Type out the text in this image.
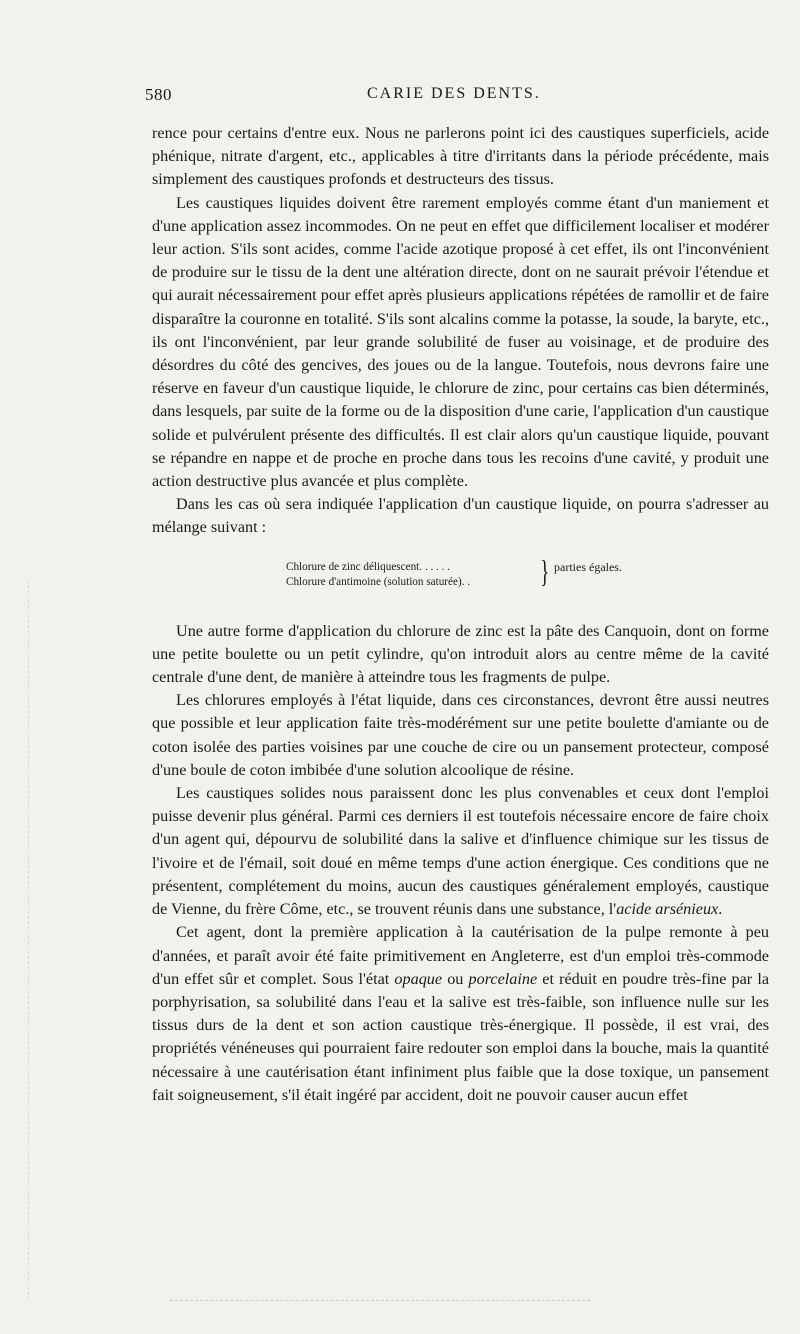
580	CARIE DES DENTS.

rence pour certains d'entre eux. Nous ne parlerons point ici des caustiques superficiels, acide phénique, nitrate d'argent, etc., applicables à titre d'irritants dans la période précédente, mais simplement des caustiques profonds et destructeurs des tissus.

Les caustiques liquides doivent être rarement employés comme étant d'un maniement et d'une application assez incommodes. On ne peut en effet que difficilement localiser et modérer leur action. S'ils sont acides, comme l'acide azotique proposé à cet effet, ils ont l'inconvénient de produire sur le tissu de la dent une altération directe, dont on ne saurait prévoir l'étendue et qui aurait nécessairement pour effet après plusieurs applications répétées de ramollir et de faire disparaître la couronne en totalité. S'ils sont alcalins comme la potasse, la soude, la baryte, etc., ils ont l'inconvénient, par leur grande solubilité de fuser au voisinage, et de produire des désordres du côté des gencives, des joues ou de la langue. Toutefois, nous devrons faire une réserve en faveur d'un caustique liquide, le chlorure de zinc, pour certains cas bien déterminés, dans lesquels, par suite de la forme ou de la disposition d'une carie, l'application d'un caustique solide et pulvérulent présente des difficultés. Il est clair alors qu'un caustique liquide, pouvant se répandre en nappe et de proche en proche dans tous les recoins d'une cavité, y produit une action destructive plus avancée et plus complète.

Dans les cas où sera indiquée l'application d'un caustique liquide, on pourra s'adresser au mélange suivant :

Chlorure de zinc déliquescent. . . . . .
Chlorure d'antimoine (solution saturée). . } parties égales.

Une autre forme d'application du chlorure de zinc est la pâte des Canquoin, dont on forme une petite boulette ou un petit cylindre, qu'on introduit alors au centre même de la cavité centrale d'une dent, de manière à atteindre tous les fragments de pulpe.

Les chlorures employés à l'état liquide, dans ces circonstances, devront être aussi neutres que possible et leur application faite très-modérément sur une petite boulette d'amiante ou de coton isolée des parties voisines par une couche de cire ou un pansement protecteur, composé d'une boule de coton imbibée d'une solution alcoolique de résine.

Les caustiques solides nous paraissent donc les plus convenables et ceux dont l'emploi puisse devenir plus général. Parmi ces derniers il est toutefois nécessaire encore de faire choix d'un agent qui, dépourvu de solubilité dans la salive et d'influence chimique sur les tissus de l'ivoire et de l'émail, soit doué en même temps d'une action énergique. Ces conditions que ne présentent, complétement du moins, aucun des caustiques généralement employés, caustique de Vienne, du frère Côme, etc., se trouvent réunis dans une substance, l'acide arsénieux.

Cet agent, dont la première application à la cautérisation de la pulpe remonte à peu d'années, et paraît avoir été faite primitivement en Angleterre, est d'un emploi très-commode d'un effet sûr et complet. Sous l'état opaque ou porcelaine et réduit en poudre très-fine par la porphyrisation, sa solubilité dans l'eau et la salive est très-faible, son influence nulle sur les tissus durs de la dent et son action caustique très-énergique. Il possède, il est vrai, des propriétés vénéneuses qui pourraient faire redouter son emploi dans la bouche, mais la quantité nécessaire à une cautérisation étant infiniment plus faible que la dose toxique, un pansement fait soigneusement, s'il était ingéré par accident, doit ne pouvoir causer aucun effet
